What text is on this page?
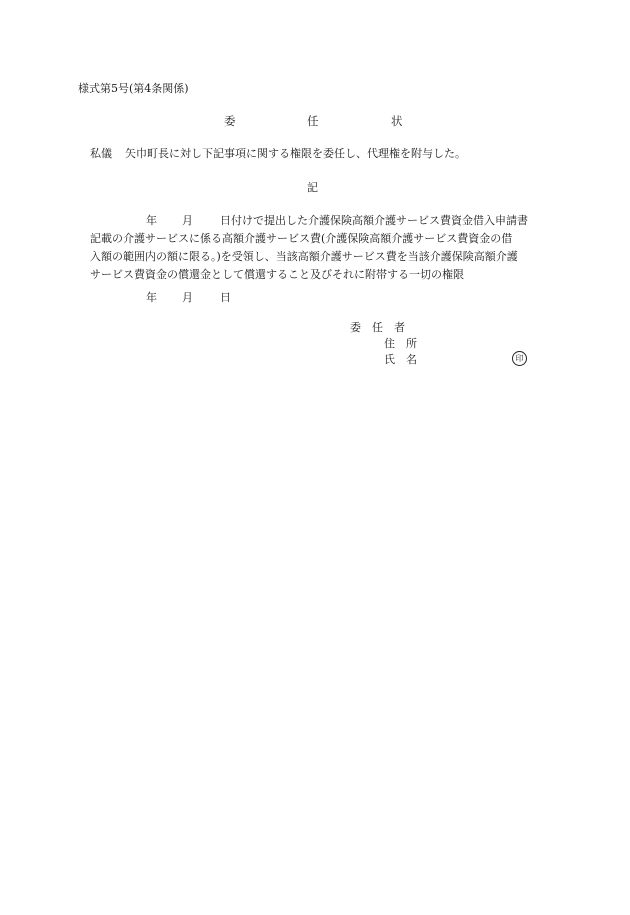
様式第5号(第4条関係)
委	任	状
私儀 矢巾町長に対し下記事項に関する権限を委任し、代理権を附与した。
記
年 月 日付けで提出した介護保険高額介護サービス費資金借入申請書
記載の介護サービスに係る高額介護サービス費(介護保険高額介護サービス費資金の借
入額の範囲内の額に限る。)を受領し、当該高額介護サービス費を当該介護保険高額介護
サービス費資金の償還金として償還すること及びそれに附帯する一切の権限
年 月 日
委　任　者
住　所
氏　名	印
